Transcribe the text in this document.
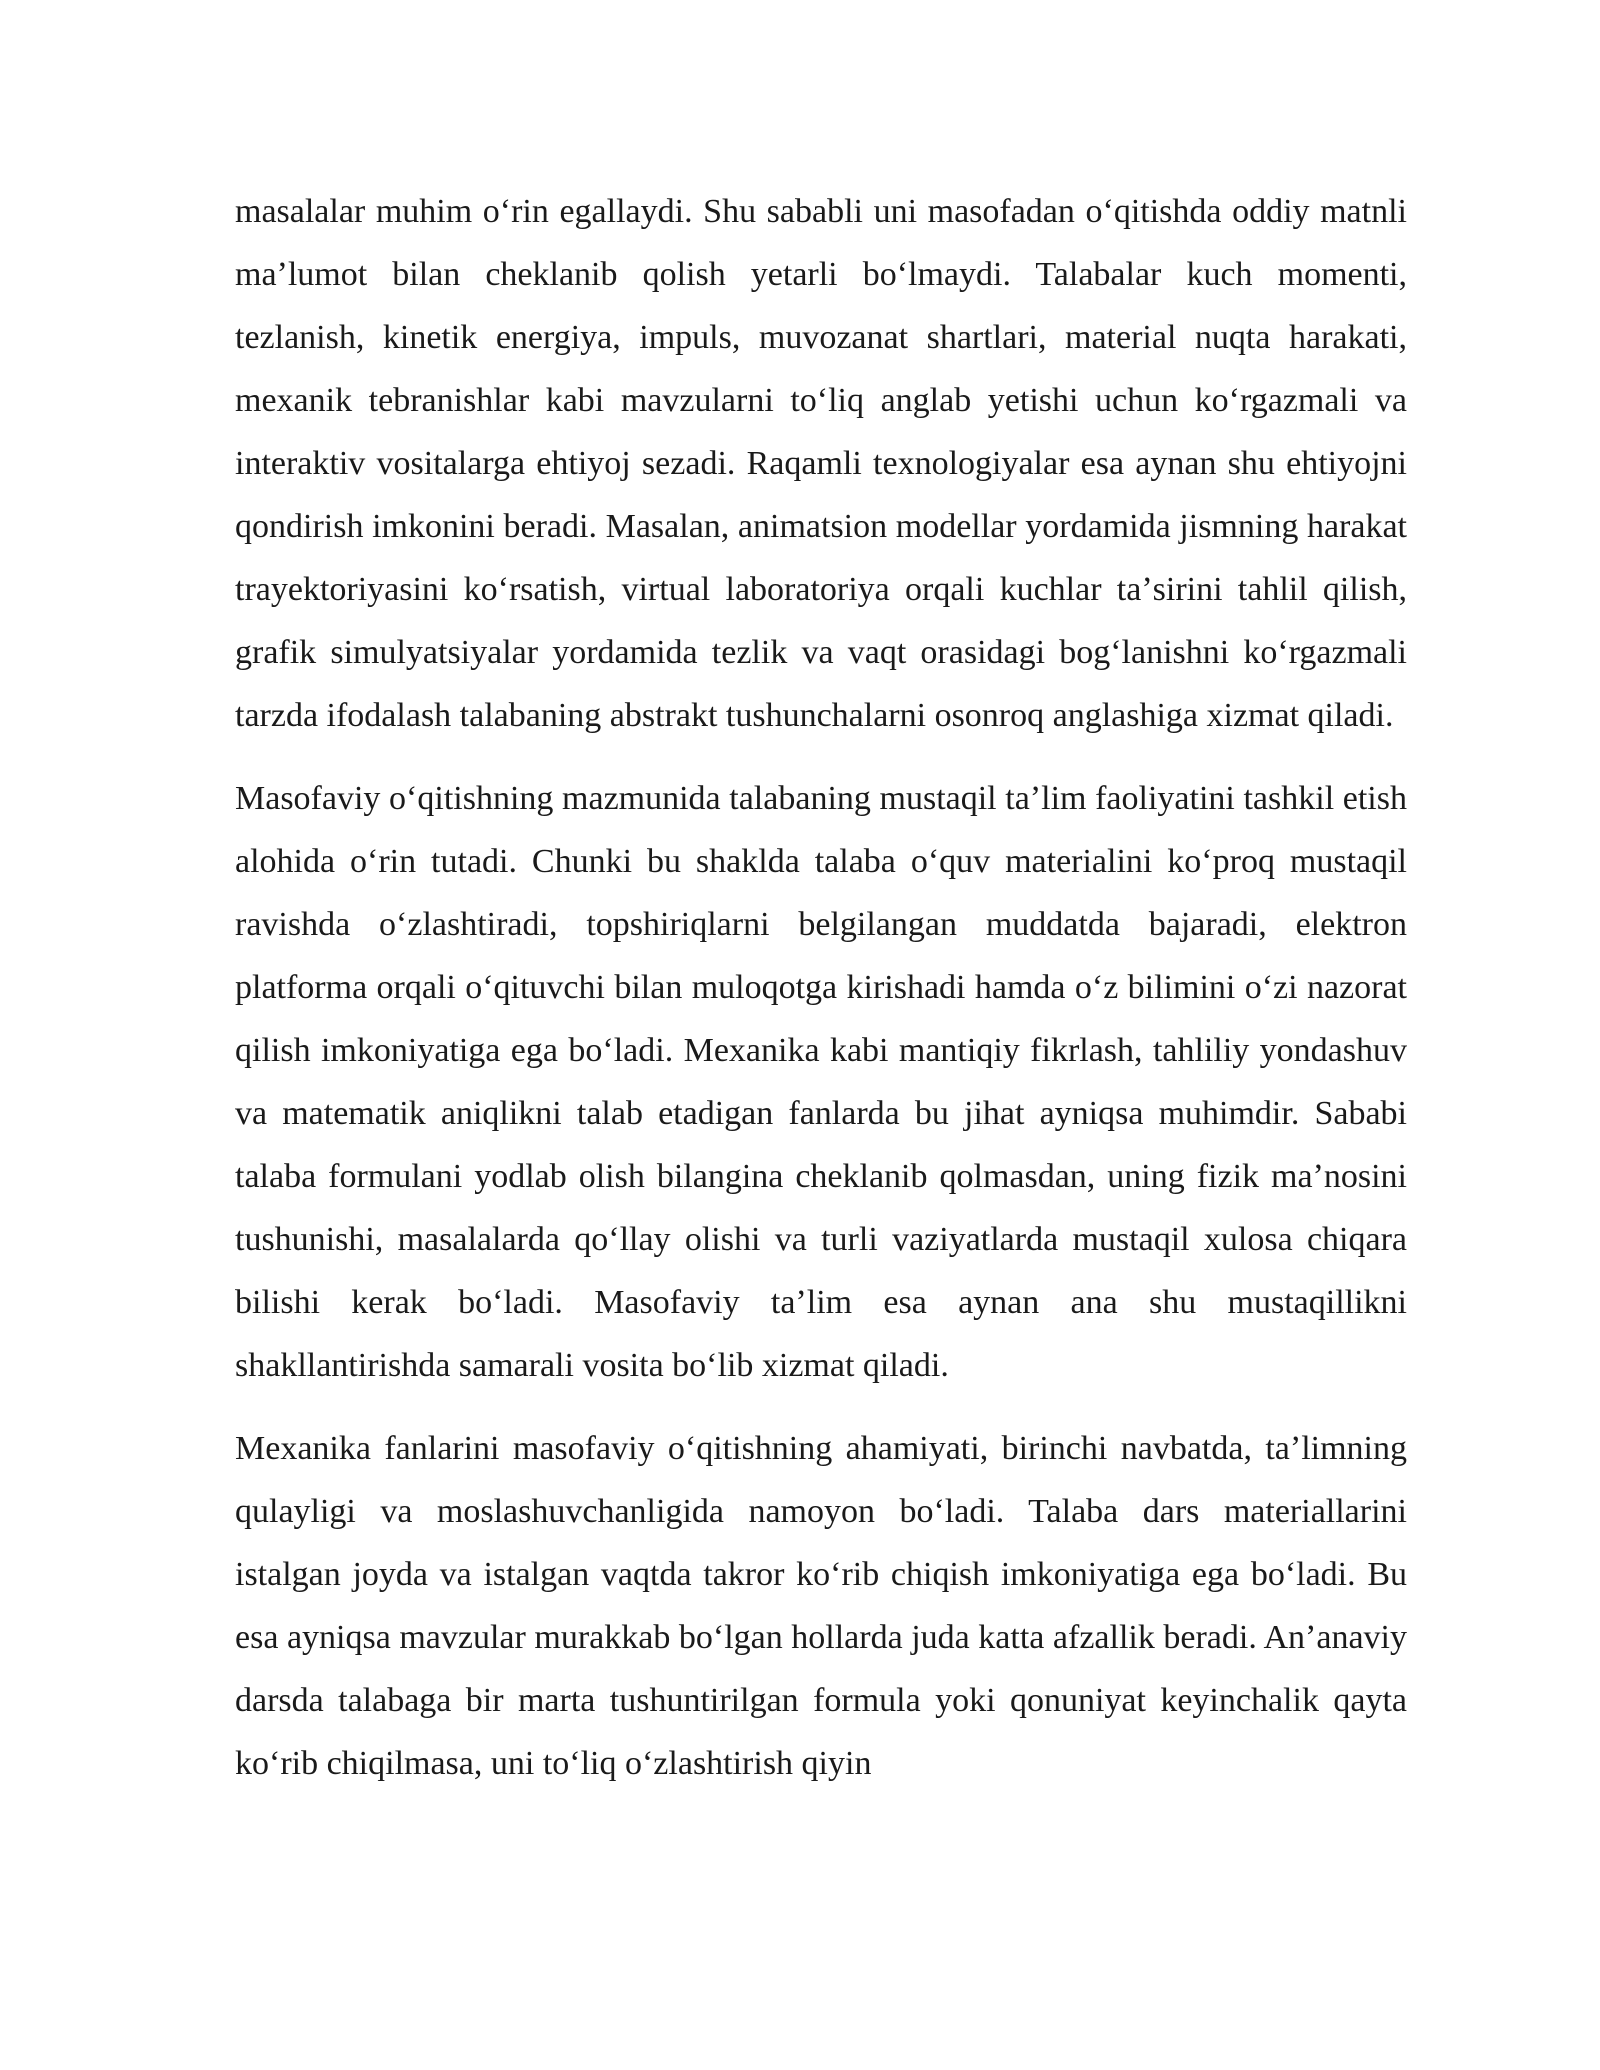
masalalar muhim oʻrin egallaydi. Shu sababli uni masofadan oʻqitishda oddiy matnli maʼlumot bilan cheklanib qolish yetarli boʻlmaydi. Talabalar kuch momenti, tezlanish, kinetik energiya, impuls, muvozanat shartlari, material nuqta harakati, mexanik tebranishlar kabi mavzularni toʻliq anglab yetishi uchun koʻrgazmali va interaktiv vositalarga ehtiyoj sezadi. Raqamli texnologiyalar esa aynan shu ehtiyojni qondirish imkonini beradi. Masalan, animatsion modellar yordamida jismning harakat trayektoriyasini koʻrsatish, virtual laboratoriya orqali kuchlar taʼsirini tahlil qilish, grafik simulyatsiyalar yordamida tezlik va vaqt orasidagi bogʻlanishni koʻrgazmali tarzda ifodalash talabaning abstrakt tushunchalarni osonroq anglashiga xizmat qiladi.

Masofaviy oʻqitishning mazmunida talabaning mustaqil taʼlim faoliyatini tashkil etish alohida oʻrin tutadi. Chunki bu shaklda talaba oʻquv materialini koʻproq mustaqil ravishda oʻzlashtiradi, topshiriqlarni belgilangan muddatda bajaradi, elektron platforma orqali oʻqituvchi bilan muloqotga kirishadi hamda oʻz bilimini oʻzi nazorat qilish imkoniyatiga ega boʻladi. Mexanika kabi mantiqiy fikrlash, tahliliy yondashuv va matematik aniqlikni talab etadigan fanlarda bu jihat ayniqsa muhimdir. Sababi talaba formulani yodlab olish bilangina cheklanib qolmasdan, uning fizik maʼnosini tushunishi, masalalarda qoʻllay olishi va turli vaziyatlarda mustaqil xulosa chiqara bilishi kerak boʻladi. Masofaviy taʼlim esa aynan ana shu mustaqillikni shakllantirishda samarali vosita boʻlib xizmat qiladi.

Mexanika fanlarini masofaviy oʻqitishning ahamiyati, birinchi navbatda, taʼlimning qulayligi va moslashuvchanligida namoyon boʻladi. Talaba dars materiallarini istalgan joyda va istalgan vaqtda takror koʻrib chiqish imkoniyatiga ega boʻladi. Bu esa ayniqsa mavzular murakkab boʻlgan hollarda juda katta afzallik beradi. Anʼanaviy darsda talabaga bir marta tushuntirilgan formula yoki qonuniyat keyinchalik qayta koʻrib chiqilmasa, uni toʻliq oʻzlashtirish qiyin
